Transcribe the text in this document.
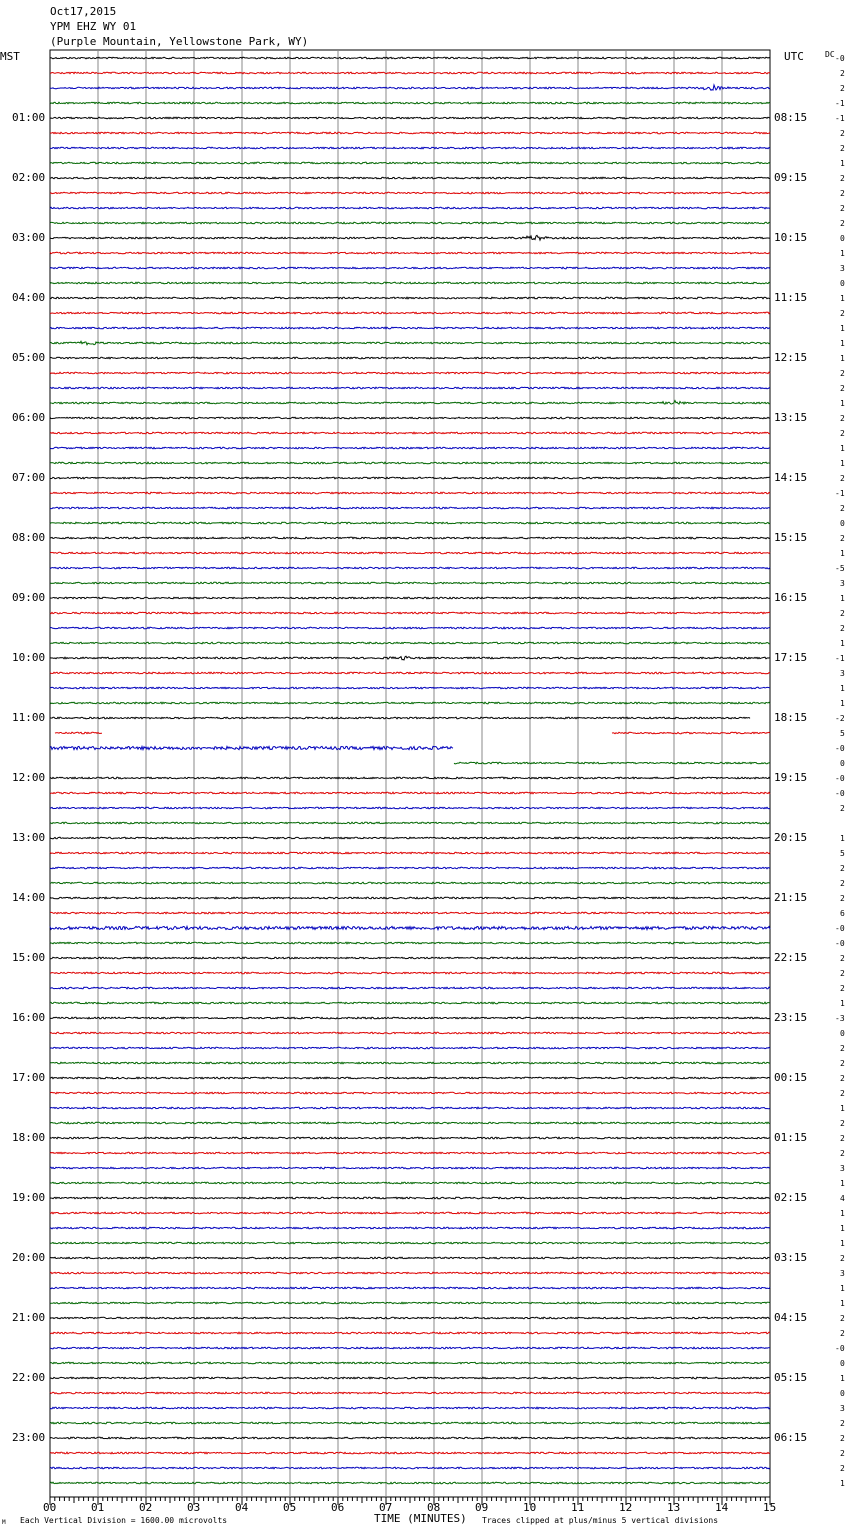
Oct17,2015
YPM EHZ WY 01
(Purple Mountain, Yellowstone Park, WY)
MST	UTC	DC
01:00
02:00
03:00
04:00
05:00
06:00
07:00
08:00
09:00
10:00
11:00
12:00
13:00
14:00
15:00
16:00
17:00
18:00
19:00
20:00
21:00
22:00
23:00
08:15
09:15
10:15
11:15
12:15
13:15
14:15
15:15
16:15
17:15
18:15
19:15
20:15
21:15
22:15
23:15
00:15
01:15
02:15
03:15
04:15
05:15
06:15
-0
2
2
-1
-1
2
2
1
2
2
2
2
0
1
3
0
1
2
1
1
1
2
2
1
2
2
1
1
2
-1
2
0
2
1
-5
3
1
2
2
1
-1
3
1
1
-2
5
-0
0
-0
-0
2
1
5
2
2
2
6
-0
-0
2
2
2
1
-3
0
2
2
2
2
1
2
2
2
3
1
4
1
1
1
2
3
1
1
2
2
-0
0
1
0
3
2
2
2
2
1
00	01	02	03	04	05	06	07	08	09	10	11	12	13	14	15
M Each Vertical Division = 1600.00 microvolts	TIME (MINUTES) Traces clipped at plus/minus 5 vertical divisions
